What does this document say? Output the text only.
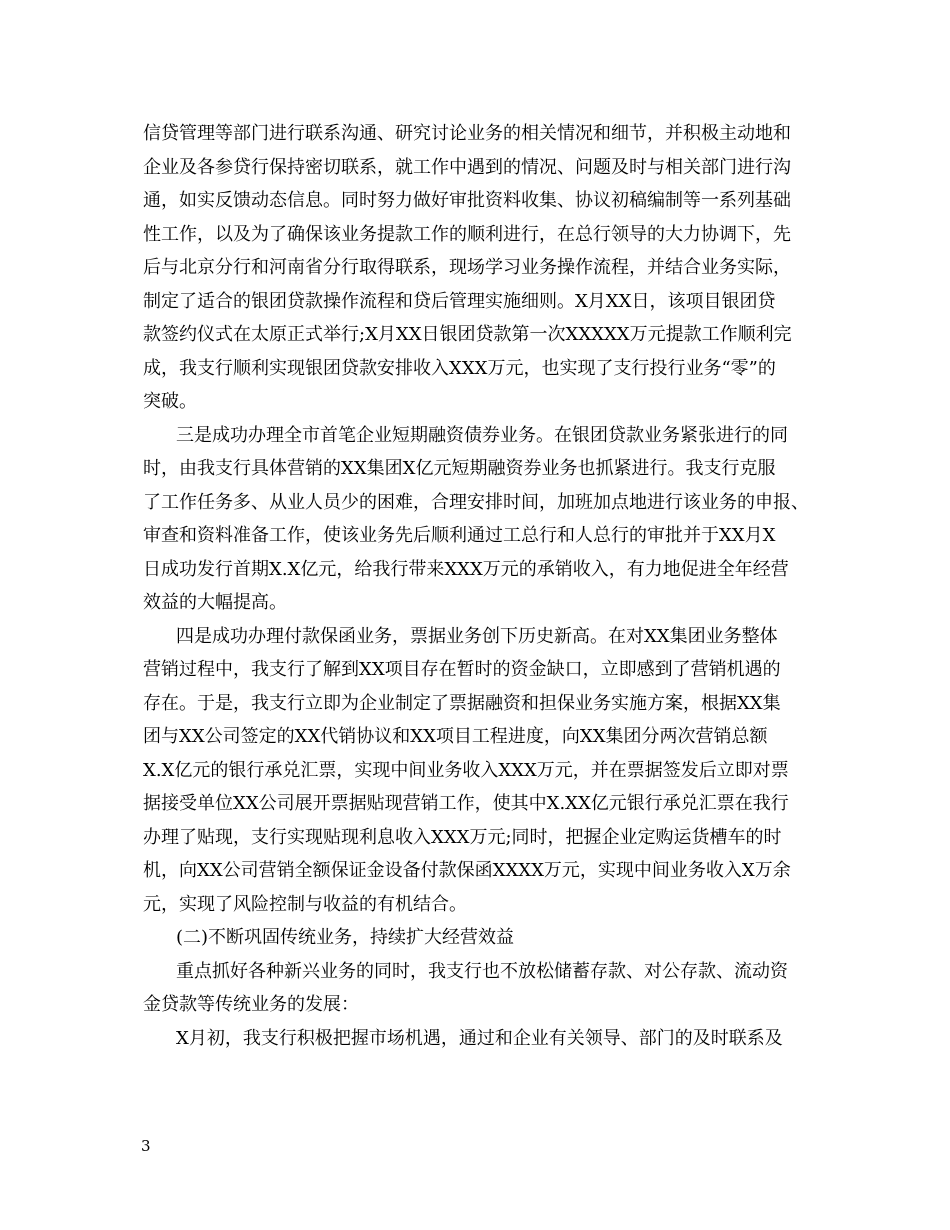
信贷管理等部门进行联系沟通、研究讨论业务的相关情况和细节，并积极主动地和
企业及各参贷行保持密切联系，就工作中遇到的情况、问题及时与相关部门进行沟
通，如实反馈动态信息。同时努力做好审批资料收集、协议初稿编制等一系列基础
性工作，以及为了确保该业务提款工作的顺利进行，在总行领导的大力协调下，先
后与北京分行和河南省分行取得联系，现场学习业务操作流程，并结合业务实际，
制定了适合的银团贷款操作流程和贷后管理实施细则。X月XX日，该项目银团贷
款签约仪式在太原正式举行;X月XX日银团贷款第一次XXXXX万元提款工作顺利完
成，我支行顺利实现银团贷款安排收入XXX万元，也实现了支行投行业务“零”的
突破。
三是成功办理全市首笔企业短期融资债券业务。在银团贷款业务紧张进行的同
时，由我支行具体营销的XX集团X亿元短期融资券业务也抓紧进行。我支行克服
了工作任务多、从业人员少的困难，合理安排时间，加班加点地进行该业务的申报、
审查和资料准备工作，使该业务先后顺利通过工总行和人总行的审批并于XX月X
日成功发行首期X.X亿元，给我行带来XXX万元的承销收入，有力地促进全年经营
效益的大幅提高。
四是成功办理付款保函业务，票据业务创下历史新高。在对XX集团业务整体
营销过程中，我支行了解到XX项目存在暂时的资金缺口，立即感到了营销机遇的
存在。于是，我支行立即为企业制定了票据融资和担保业务实施方案，根据XX集
团与XX公司签定的XX代销协议和XX项目工程进度，向XX集团分两次营销总额
X.X亿元的银行承兑汇票，实现中间业务收入XXX万元，并在票据签发后立即对票
据接受单位XX公司展开票据贴现营销工作，使其中X.XX亿元银行承兑汇票在我行
办理了贴现，支行实现贴现利息收入XXX万元;同时，把握企业定购运货槽车的时
机，向XX公司营销全额保证金设备付款保函XXXX万元，实现中间业务收入X万余
元，实现了风险控制与收益的有机结合。
(二)不断巩固传统业务，持续扩大经营效益
重点抓好各种新兴业务的同时，我支行也不放松储蓄存款、对公存款、流动资
金贷款等传统业务的发展：
X月初，我支行积极把握市场机遇，通过和企业有关领导、部门的及时联系及
3
